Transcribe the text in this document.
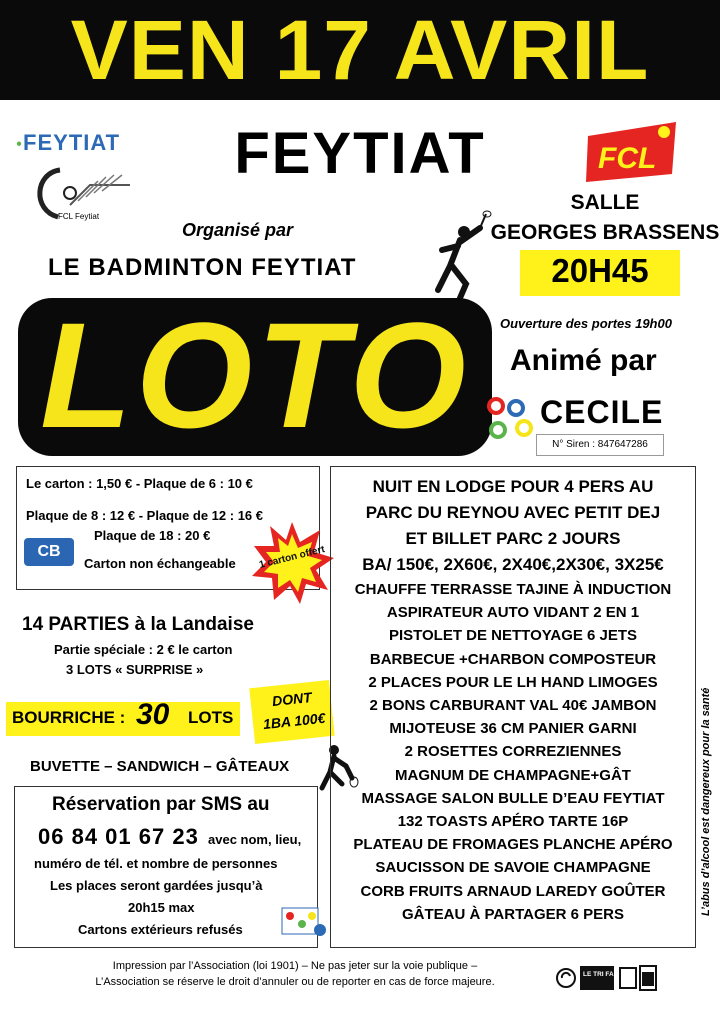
VEN 17 AVRIL
●FEYTIAT
FCL Feytiat
FEYTIAT	FCL
SALLE
GEORGES BRASSENS
20H45
Organisé par
LE BADMINTON FEYTIAT
LOTO	Ouverture des portes 19h00
Animé par
CECILE
N° Siren : 847647286
Le carton : 1,50 € - Plaque de 6 : 10 €
Plaque de 8 : 12 € - Plaque de 12 : 16 €
Plaque de 18 : 20 €
CB
Carton non échangeable 1 carton offert
14 PARTIES à la Landaise
Partie spéciale : 2 € le carton
3 LOTS « SURPRISE »
BOURRICHE : 30 LOTS
DONT
1BA 100€
BUVETTE – SANDWICH – GÂTEAUX
Réservation par SMS au
06 84 01 67 23 avec nom, lieu,
numéro de tél. et nombre de personnes
Les places seront gardées jusqu’à
20h15 max
Cartons extérieurs refusés
NUIT EN LODGE POUR 4 PERS AU
PARC DU REYNOU AVEC PETIT DEJ
ET BILLET PARC 2 JOURS
BA/ 150€, 2X60€, 2X40€,2X30€, 3X25€
CHAUFFE TERRASSE TAJINE À INDUCTION
ASPIRATEUR AUTO VIDANT 2 EN 1
PISTOLET DE NETTOYAGE 6 JETS
BARBECUE +CHARBON COMPOSTEUR
2 PLACES POUR LE LH HAND LIMOGES
2 BONS CARBURANT VAL 40€ JAMBON
MIJOTEUSE 36 CM PANIER GARNI
2 ROSETTES CORREZIENNES
MAGNUM DE CHAMPAGNE+GÂT
MASSAGE SALON BULLE D’EAU FEYTIAT
132 TOASTS APÉRO TARTE 16P
PLATEAU DE FROMAGES PLANCHE APÉRO
SAUCISSON DE SAVOIE CHAMPAGNE
CORB FRUITS ARNAUD LAREDY GOÛTER
GÂTEAU À PARTAGER 6 PERS	L’abus d’alcool est dangereux pour la santé
Impression par l’Association (loi 1901) – Ne pas jeter sur la voie publique –
L’Association se réserve le droit d’annuler ou de reporter en cas de force majeure.
LE TRI FACILE
